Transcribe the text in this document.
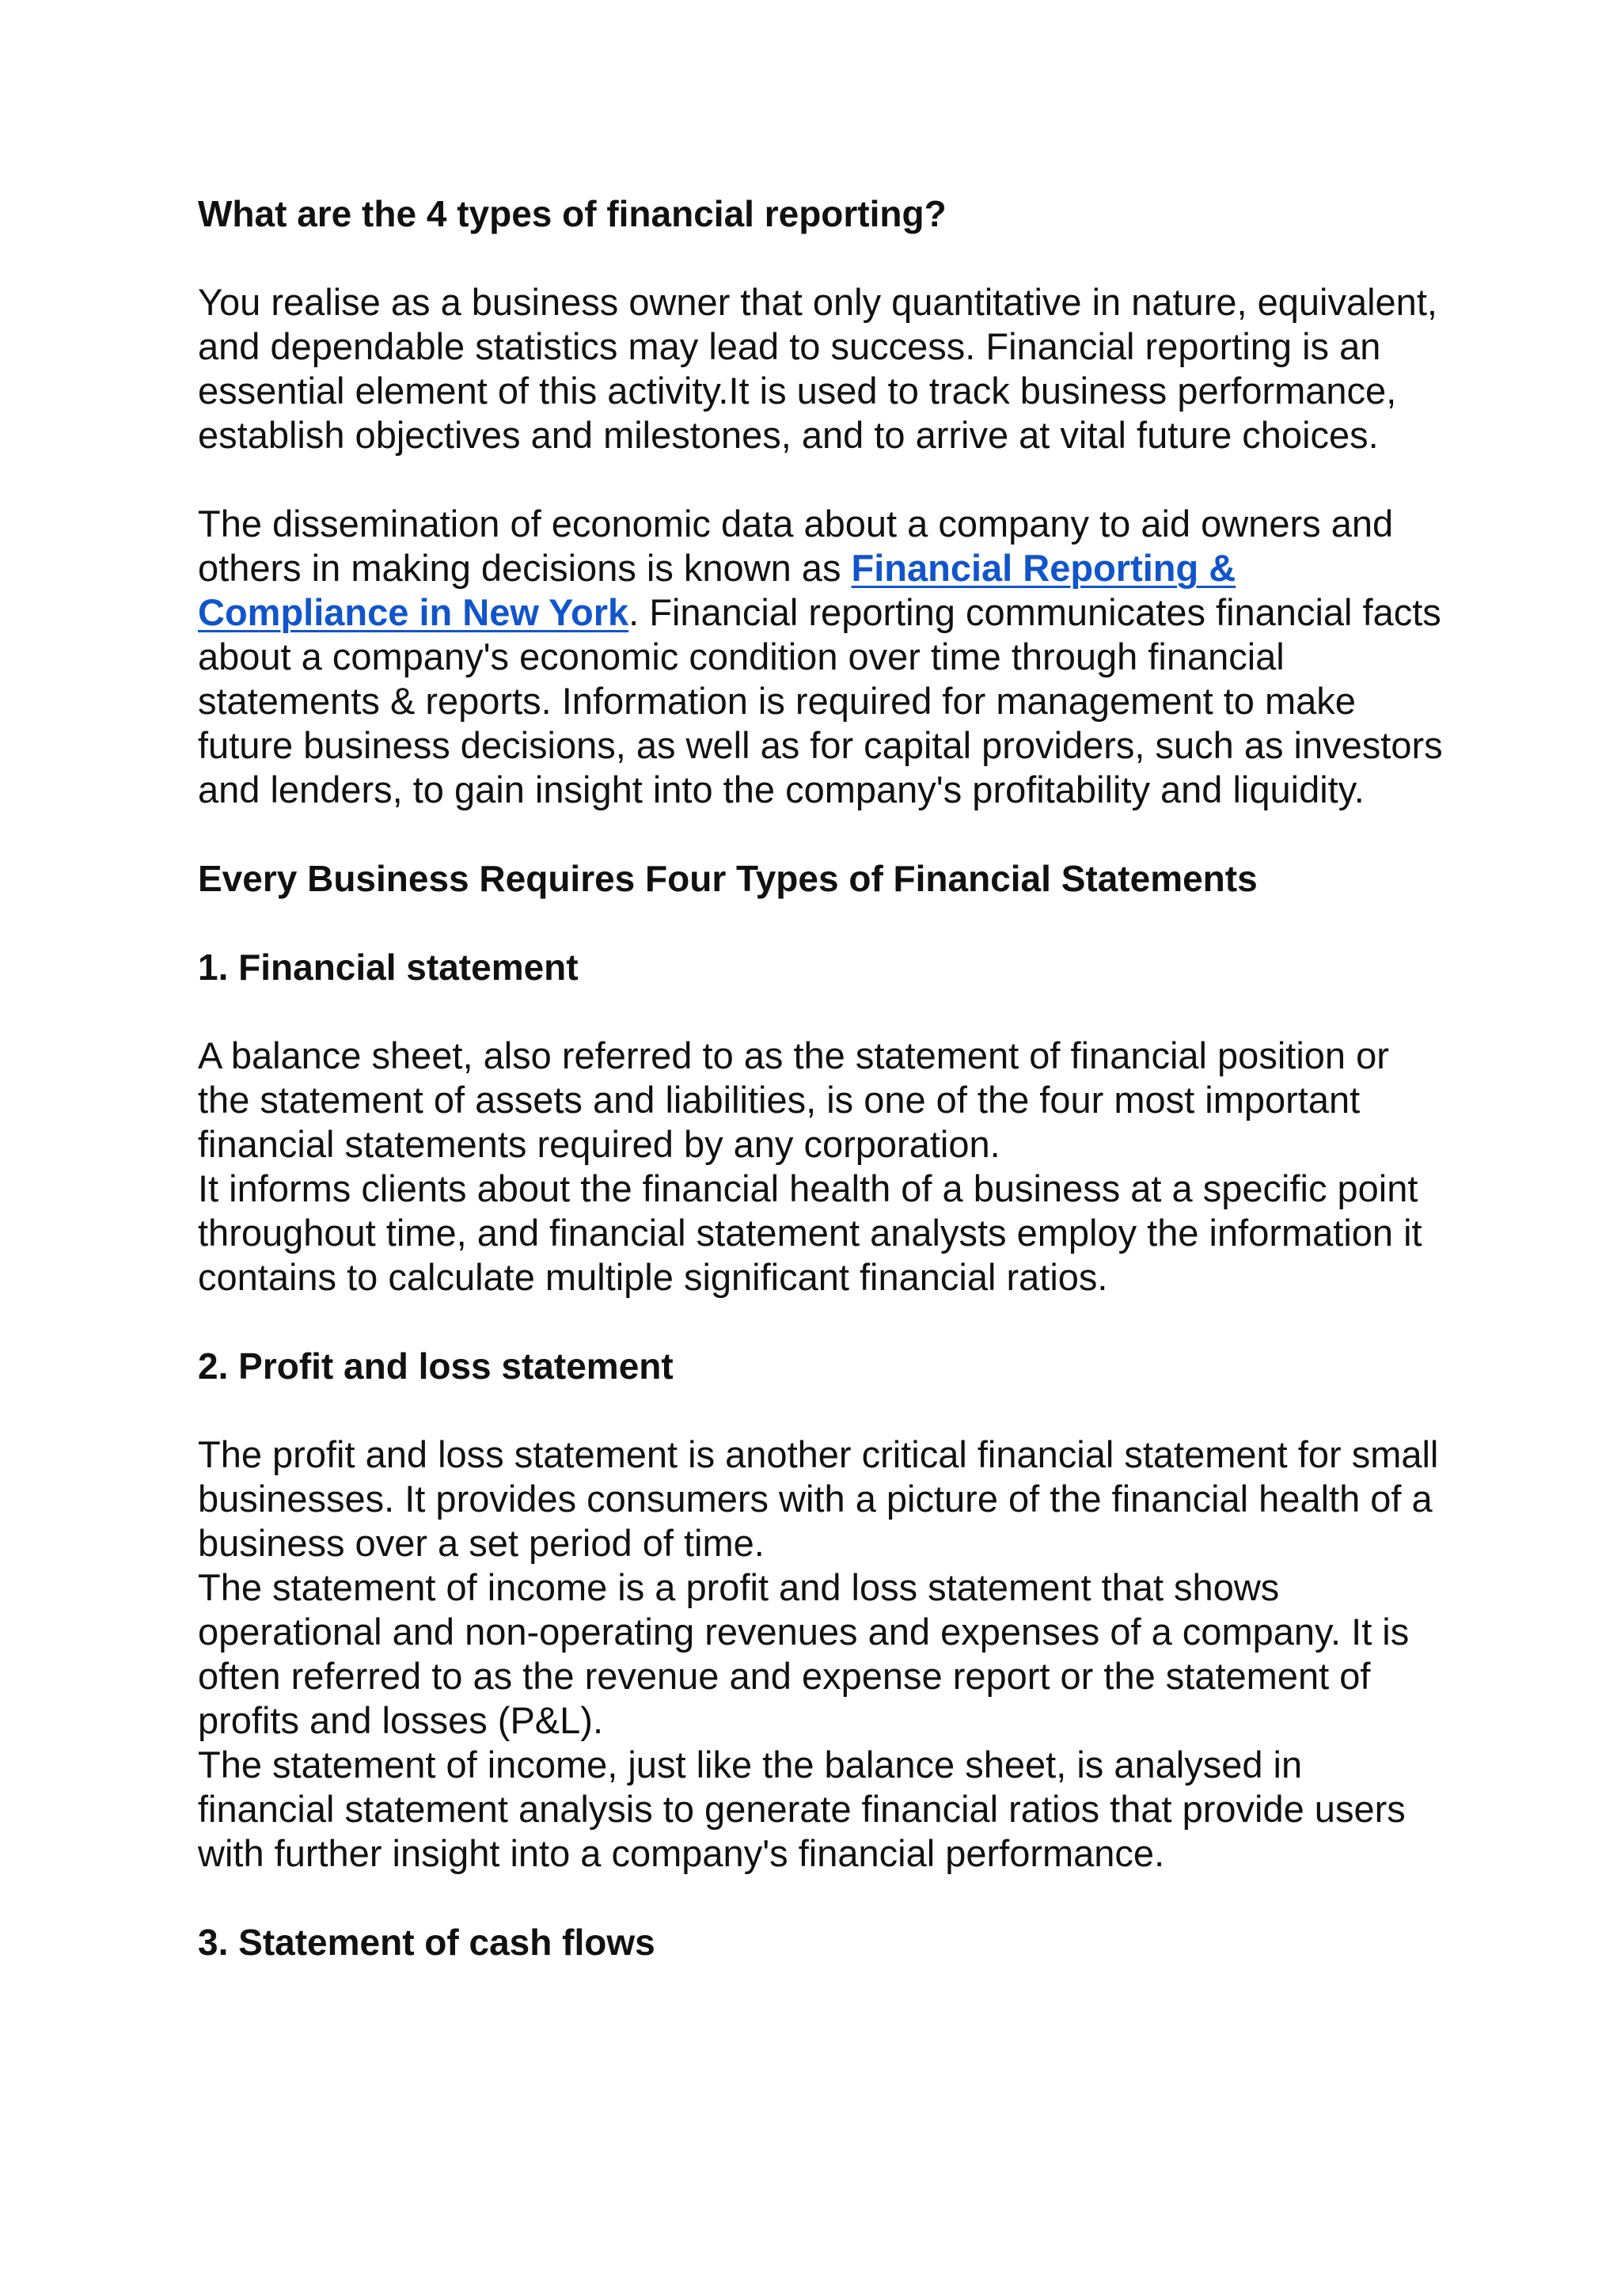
What are the 4 types of financial reporting?
You realise as a business owner that only quantitative in nature, equivalent, and dependable statistics may lead to success. Financial reporting is an essential element of this activity.It is used to track business performance, establish objectives and milestones, and to arrive at vital future choices.
The dissemination of economic data about a company to aid owners and others in making decisions is known as Financial Reporting & Compliance in New York. Financial reporting communicates financial facts about a company's economic condition over time through financial statements & reports. Information is required for management to make future business decisions, as well as for capital providers, such as investors and lenders, to gain insight into the company's profitability and liquidity.
Every Business Requires Four Types of Financial Statements
1. Financial statement
A balance sheet, also referred to as the statement of financial position or the statement of assets and liabilities, is one of the four most important financial statements required by any corporation.
It informs clients about the financial health of a business at a specific point throughout time, and financial statement analysts employ the information it contains to calculate multiple significant financial ratios.
2. Profit and loss statement
The profit and loss statement is another critical financial statement for small businesses. It provides consumers with a picture of the financial health of a business over a set period of time.
The statement of income is a profit and loss statement that shows operational and non-operating revenues and expenses of a company. It is often referred to as the revenue and expense report or the statement of profits and losses (P&L).
The statement of income, just like the balance sheet, is analysed in financial statement analysis to generate financial ratios that provide users with further insight into a company's financial performance.
3. Statement of cash flows
